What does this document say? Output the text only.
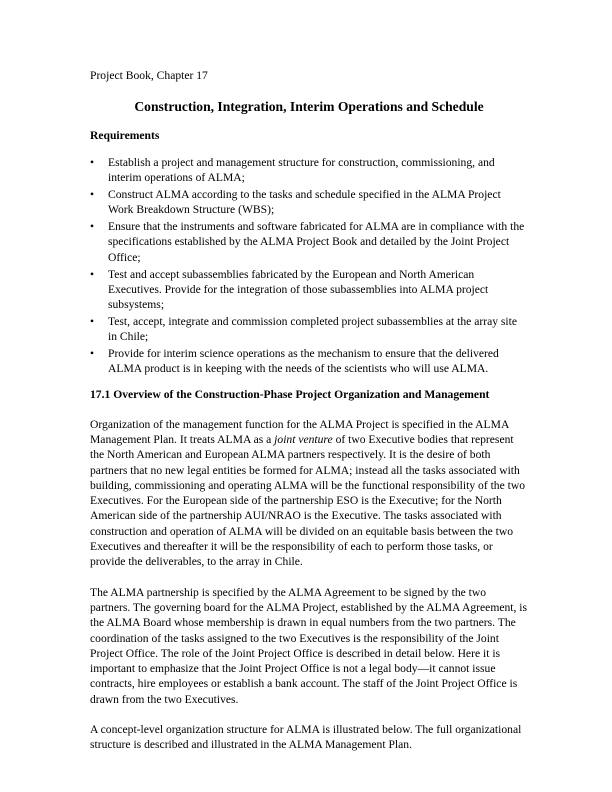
Project Book, Chapter 17
Construction, Integration, Interim Operations and Schedule
Requirements
•	Establish a project and management structure for construction, commissioning, and interim operations of ALMA;
•	Construct ALMA according to the tasks and schedule specified in the ALMA Project Work Breakdown Structure (WBS);
•	Ensure that the instruments and software fabricated for ALMA are in compliance with the specifications established by the ALMA Project Book and detailed by the Joint Project Office;
•	Test and accept subassemblies fabricated by the European and North American Executives. Provide for the integration of those subassemblies into ALMA project subsystems;
•	Test, accept, integrate and commission completed project subassemblies at the array site in Chile;
•	Provide for interim science operations as the mechanism to ensure that the delivered ALMA product is in keeping with the needs of the scientists who will use ALMA.
17.1 Overview of the Construction-Phase Project Organization and Management

Organization of the management function for the ALMA Project is specified in the ALMA Management Plan. It treats ALMA as a joint venture of two Executive bodies that represent the North American and European ALMA partners respectively. It is the desire of both partners that no new legal entities be formed for ALMA; instead all the tasks associated with building, commissioning and operating ALMA will be the functional responsibility of the two Executives. For the European side of the partnership ESO is the Executive; for the North American side of the partnership AUI/NRAO is the Executive. The tasks associated with construction and operation of ALMA will be divided on an equitable basis between the two Executives and thereafter it will be the responsibility of each to perform those tasks, or provide the deliverables, to the array in Chile.

The ALMA partnership is specified by the ALMA Agreement to be signed by the two partners. The governing board for the ALMA Project, established by the ALMA Agreement, is the ALMA Board whose membership is drawn in equal numbers from the two partners. The coordination of the tasks assigned to the two Executives is the responsibility of the Joint Project Office. The role of the Joint Project Office is described in detail below. Here it is important to emphasize that the Joint Project Office is not a legal body—it cannot issue contracts, hire employees or establish a bank account. The staff of the Joint Project Office is drawn from the two Executives.

A concept-level organization structure for ALMA is illustrated below. The full organizational structure is described and illustrated in the ALMA Management Plan.
